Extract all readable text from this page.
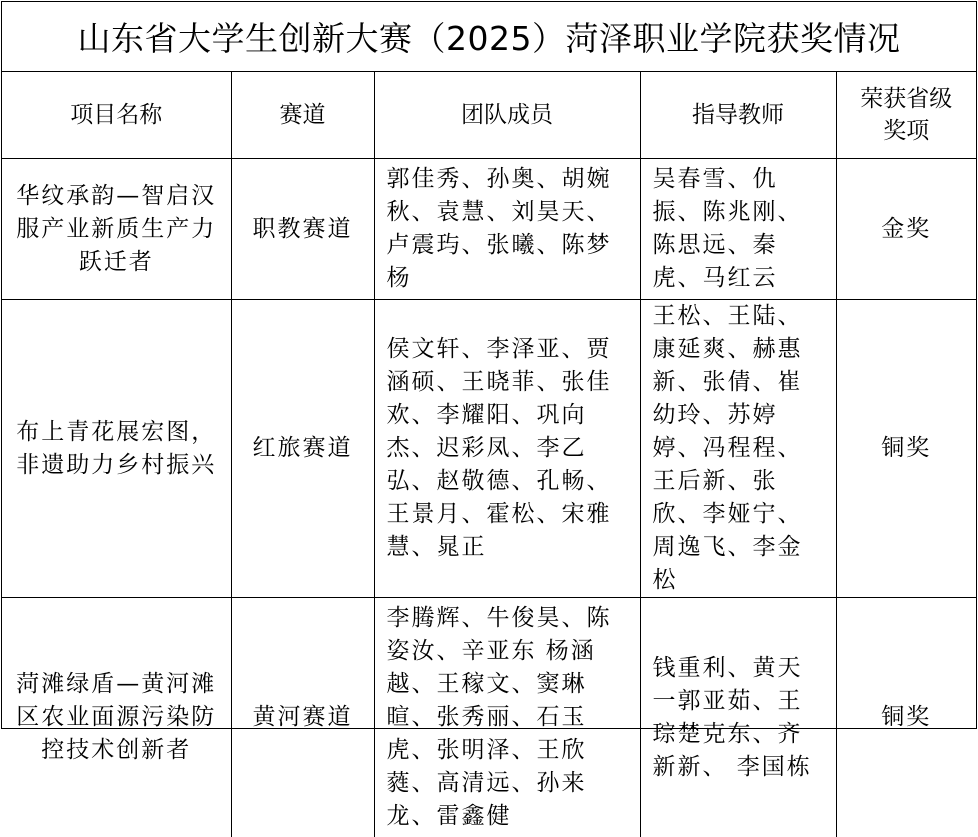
山东省大学生创新大赛（2025）菏泽职业学院获奖情况
项目名称	赛道	团队成员	指导教师	荣获省级奖项

华纹承韵—智启汉服产业新质生产力跃迁者	职教赛道	郭佳秀、孙奥、胡婉秋、袁慧、刘昊天、卢震玙、张曦、陈梦杨	吴春雪、仇振、陈兆刚、陈思远、秦虎、马红云	金奖

布上青花展宏图，非遗助力乡村振兴	红旅赛道	侯文轩、李泽亚、贾涵硕、王晓菲、张佳欢、李耀阳、巩向杰、迟彩凤、李乙弘、赵敬德、孔畅、王景月、霍松、宋雅慧、晁正	王松、王陆、康延爽、赫惠新、张倩、崔幼玲、苏婷婷、冯程程、王后新、张欣、李娅宁、周逸飞、李金松	铜奖

菏滩绿盾—黄河滩区农业面源污染防控技术创新者	黄河赛道	李腾辉、牛俊昊、陈姿汝、辛亚东 杨涵越、王稼文、窦琳暄、张秀丽、石玉虎、张明泽、王欣蕤、高清远、孙来龙、雷鑫健	钱重利、黄天一郭亚茹、王琮楚克东、齐新新、 李国栋	铜奖
